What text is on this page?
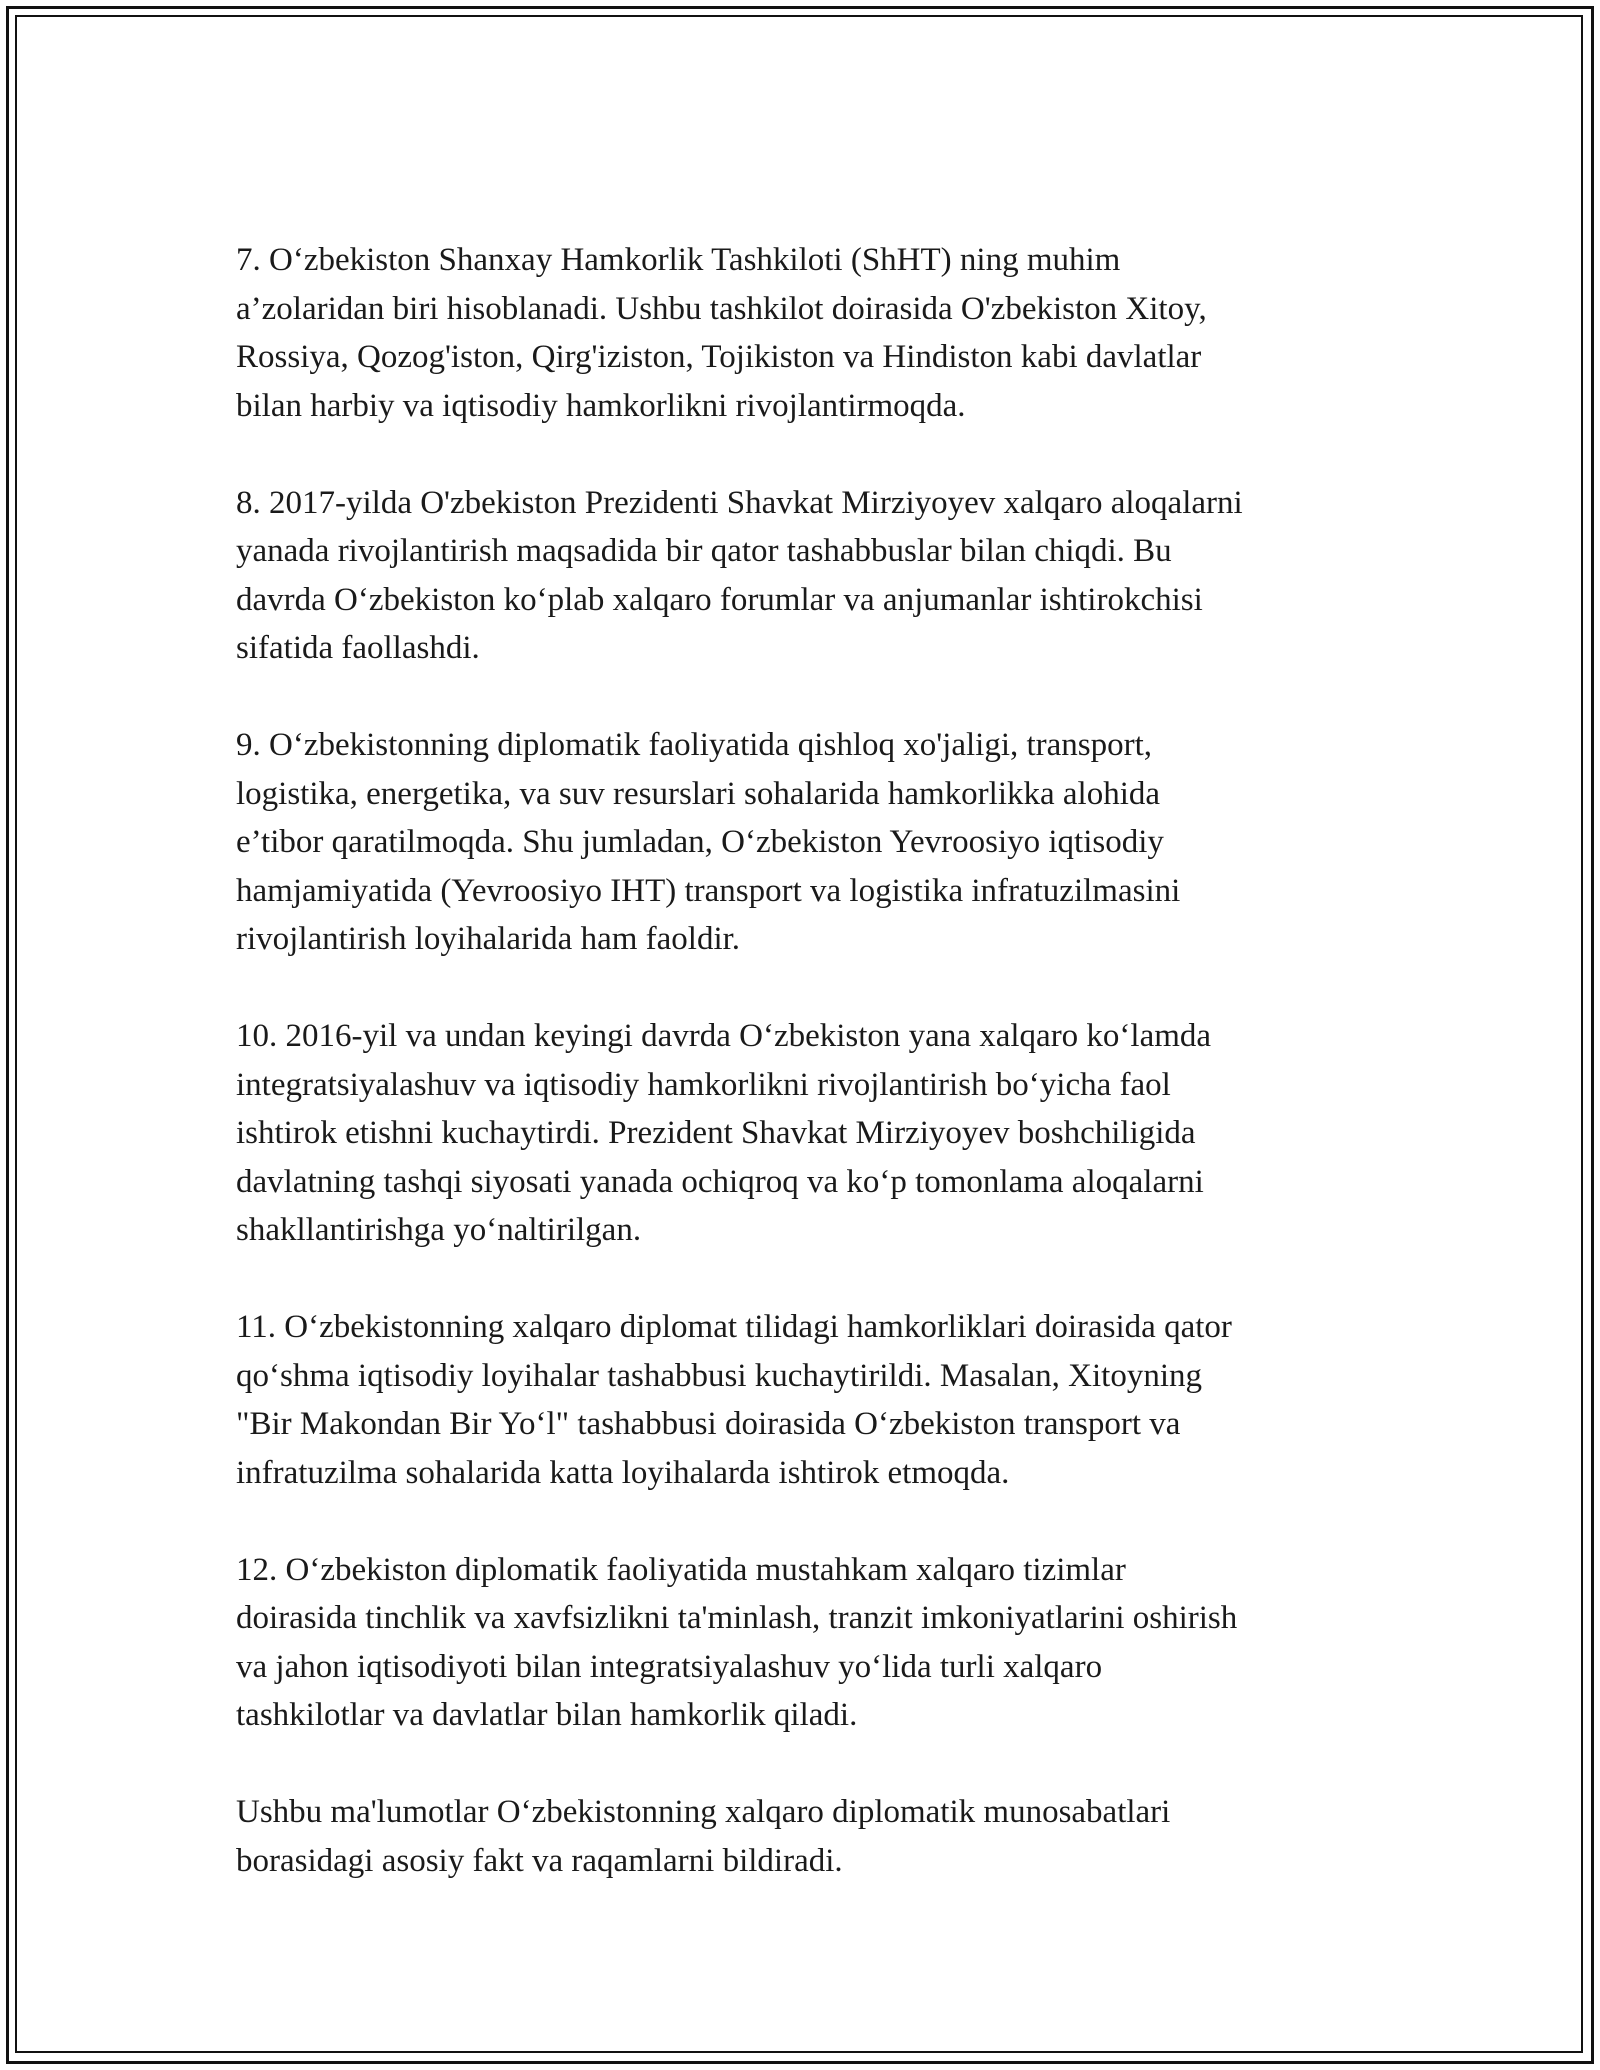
7. O‘zbekiston Shanxay Hamkorlik Tashkiloti (ShHT) ning muhim
a’zolaridan biri hisoblanadi. Ushbu tashkilot doirasida O'zbekiston Xitoy,
Rossiya, Qozog'iston, Qirg'iziston, Tojikiston va Hindiston kabi davlatlar
bilan harbiy va iqtisodiy hamkorlikni rivojlantirmoqda.

8. 2017-yilda O'zbekiston Prezidenti Shavkat Mirziyoyev xalqaro aloqalarni
yanada rivojlantirish maqsadida bir qator tashabbuslar bilan chiqdi. Bu
davrda O‘zbekiston ko‘plab xalqaro forumlar va anjumanlar ishtirokchisi
sifatida faollashdi.

9. O‘zbekistonning diplomatik faoliyatida qishloq xo'jaligi, transport,
logistika, energetika, va suv resurslari sohalarida hamkorlikka alohida
e’tibor qaratilmoqda. Shu jumladan, O‘zbekiston Yevroosiyo iqtisodiy
hamjamiyatida (Yevroosiyo IHT) transport va logistika infratuzilmasini
rivojlantirish loyihalarida ham faoldir.

10. 2016-yil va undan keyingi davrda O‘zbekiston yana xalqaro ko‘lamda
integratsiyalashuv va iqtisodiy hamkorlikni rivojlantirish bo‘yicha faol
ishtirok etishni kuchaytirdi. Prezident Shavkat Mirziyoyev boshchiligida
davlatning tashqi siyosati yanada ochiqroq va ko‘p tomonlama aloqalarni
shakllantirishga yo‘naltirilgan.

11. O‘zbekistonning xalqaro diplomat tilidagi hamkorliklari doirasida qator
qo‘shma iqtisodiy loyihalar tashabbusi kuchaytirildi. Masalan, Xitoyning
"Bir Makondan Bir Yo‘l" tashabbusi doirasida O‘zbekiston transport va
infratuzilma sohalarida katta loyihalarda ishtirok etmoqda.

12. O‘zbekiston diplomatik faoliyatida mustahkam xalqaro tizimlar
doirasida tinchlik va xavfsizlikni ta'minlash, tranzit imkoniyatlarini oshirish
va jahon iqtisodiyoti bilan integratsiyalashuv yo‘lida turli xalqaro
tashkilotlar va davlatlar bilan hamkorlik qiladi.

Ushbu ma'lumotlar O‘zbekistonning xalqaro diplomatik munosabatlari
borasidagi asosiy fakt va raqamlarni bildiradi.
